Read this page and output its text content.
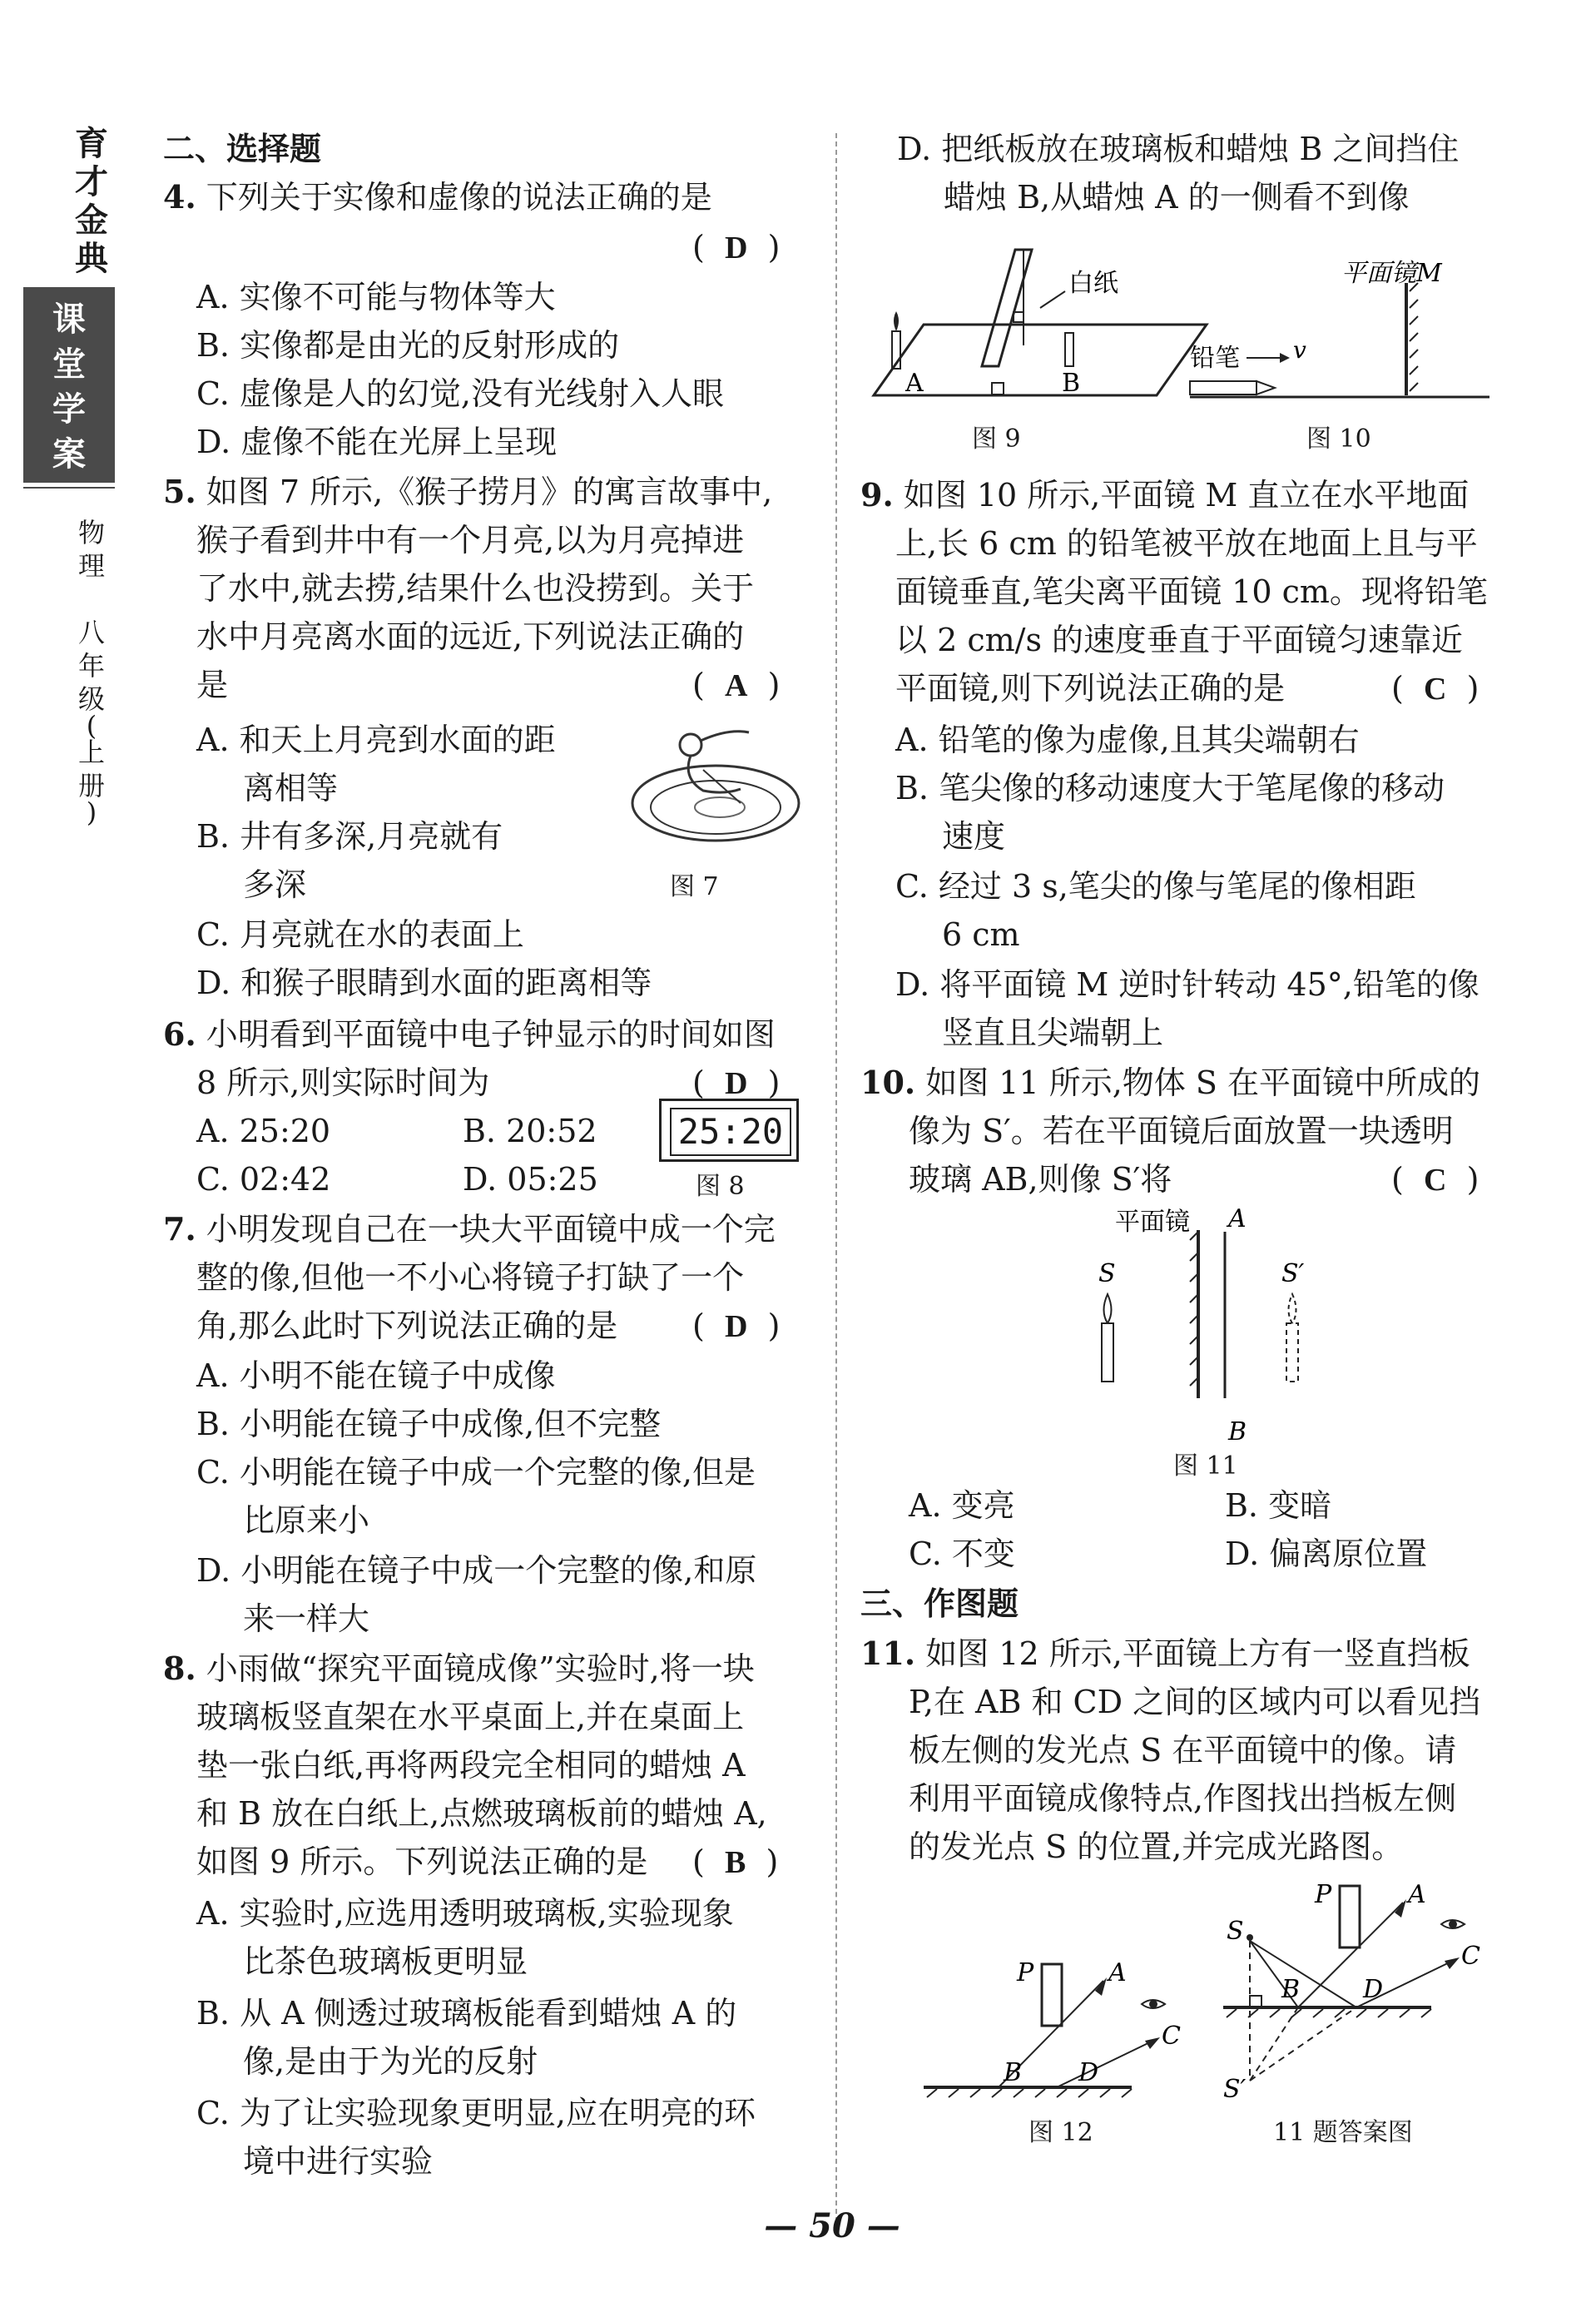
育
才
金
典
课
堂
学
案
物
理
八
年
级
(
上
册
)
二、选择题
4. 下列关于实像和虚像的说法正确的是
(  D  )
A. 实像不可能与物体等大
B. 实像都是由光的反射形成的
C. 虚像是人的幻觉,没有光线射入人眼
D. 虚像不能在光屏上呈现
5. 如图 7 所示,《猴子捞月》的寓言故事中,
猴子看到井中有一个月亮,以为月亮掉进
了水中,就去捞,结果什么也没捞到。关于
水中月亮离水面的远近,下列说法正确的
是	(  A  )
A. 和天上月亮到水面的距
离相等
B. 井有多深,月亮就有
多深
C. 月亮就在水的表面上
D. 和猴子眼睛到水面的距离相等
图 7
6. 小明看到平面镜中电子钟显示的时间如图
8 所示,则实际时间为	(  D  )
A. 25:20	B. 20:52
C. 02:42	D. 05:25
25:20
图 8
7. 小明发现自己在一块大平面镜中成一个完
整的像,但他一不小心将镜子打缺了一个
角,那么此时下列说法正确的是 (  D  )
A. 小明不能在镜子中成像
B. 小明能在镜子中成像,但不完整
C. 小明能在镜子中成一个完整的像,但是
比原来小
D. 小明能在镜子中成一个完整的像,和原
来一样大
8. 小雨做“探究平面镜成像”实验时,将一块
玻璃板竖直架在水平桌面上,并在桌面上
垫一张白纸,再将两段完全相同的蜡烛 A
和 B 放在白纸上,点燃玻璃板前的蜡烛 A,
如图 9 所示。下列说法正确的是 (  B  )
A. 实验时,应选用透明玻璃板,实验现象
比茶色玻璃板更明显
B. 从 A 侧透过玻璃板能看到蜡烛 A 的
像,是由于为光的反射
C. 为了让实验现象更明显,应在明亮的环
境中进行实验
D. 把纸板放在玻璃板和蜡烛 B 之间挡住
蜡烛 B,从蜡烛 A 的一侧看不到像
白纸
A	B
图 9
平面镜M
铅笔 v
图 10
9. 如图 10 所示,平面镜 M 直立在水平地面
上,长 6 cm 的铅笔被平放在地面上且与平
面镜垂直,笔尖离平面镜 10 cm。现将铅笔
以 2 cm/s 的速度垂直于平面镜匀速靠近
平面镜,则下列说法正确的是	(  C  )
A. 铅笔的像为虚像,且其尖端朝右
B. 笔尖像的移动速度大于笔尾像的移动
速度
C. 经过 3 s,笔尖的像与笔尾的像相距
6 cm
D. 将平面镜 M 逆时针转动 45°,铅笔的像
竖直且尖端朝上
10. 如图 11 所示,物体 S 在平面镜中所成的
像为 S′。若在平面镜后面放置一块透明
玻璃 AB,则像 S′将	(  C  )
平面镜 A
B
S	S′
图 11
A. 变亮	B. 变暗
C. 不变	D. 偏离原位置
三、作图题
11. 如图 12 所示,平面镜上方有一竖直挡板
P,在 AB 和 CD 之间的区域内可以看见挡
板左侧的发光点 S 在平面镜中的像。请
利用平面镜成像特点,作图找出挡板左侧
的发光点 S 的位置,并完成光路图。
P	A
C
B D
图 12
P
S
A
C
B	D
S′
11 题答案图
— 50 —
